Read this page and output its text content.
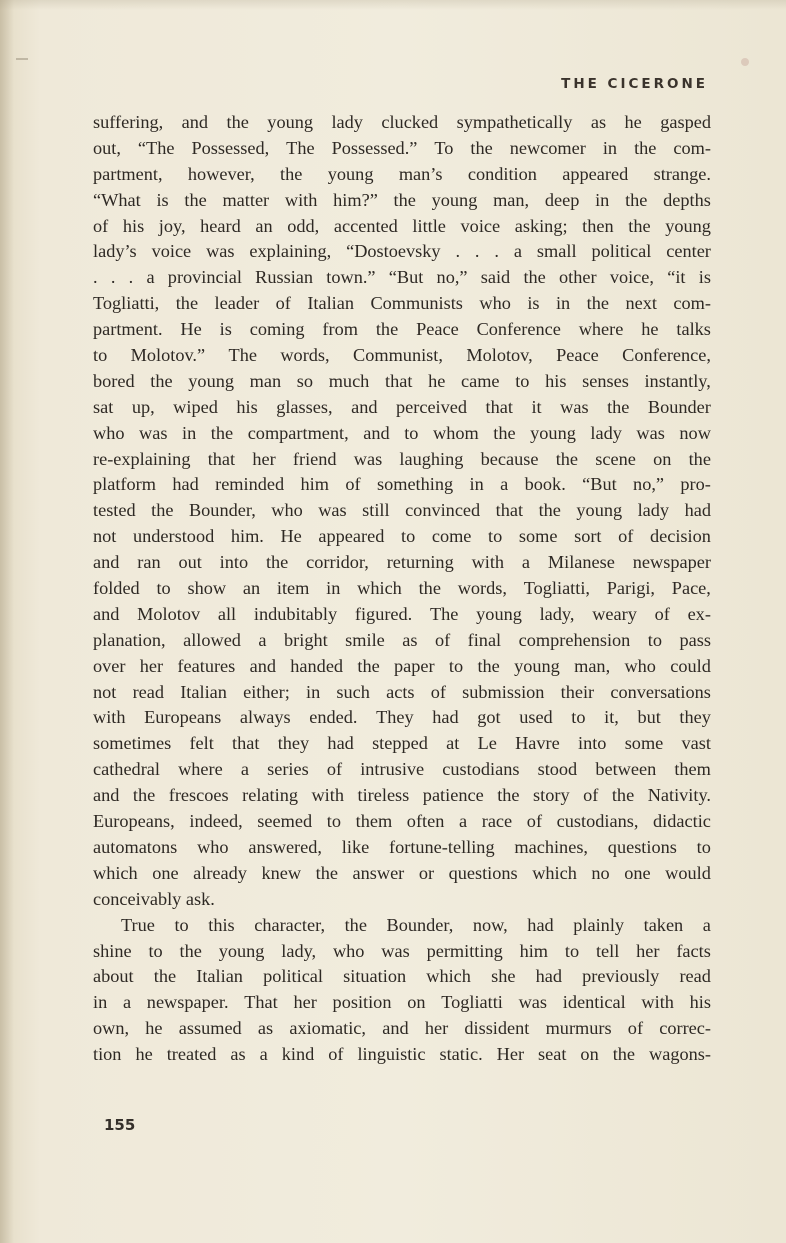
THE CICERONE
suffering, and the young lady clucked sympathetically as he gasped
out, “The Possessed, The Possessed.” To the newcomer in the com-
partment, however, the young man’s condition appeared strange.
“What is the matter with him?” the young man, deep in the depths
of his joy, heard an odd, accented little voice asking; then the young
lady’s voice was explaining, “Dostoevsky . . . a small political center
. . . a provincial Russian town.” “But no,” said the other voice, “it is
Togliatti, the leader of Italian Communists who is in the next com-
partment. He is coming from the Peace Conference where he talks
to Molotov.” The words, Communist, Molotov, Peace Conference,
bored the young man so much that he came to his senses instantly,
sat up, wiped his glasses, and perceived that it was the Bounder
who was in the compartment, and to whom the young lady was now
re-explaining that her friend was laughing because the scene on the
platform had reminded him of something in a book. “But no,” pro-
tested the Bounder, who was still convinced that the young lady had
not understood him. He appeared to come to some sort of decision
and ran out into the corridor, returning with a Milanese newspaper
folded to show an item in which the words, Togliatti, Parigi, Pace,
and Molotov all indubitably figured. The young lady, weary of ex-
planation, allowed a bright smile as of final comprehension to pass
over her features and handed the paper to the young man, who could
not read Italian either; in such acts of submission their conversations
with Europeans always ended. They had got used to it, but they
sometimes felt that they had stepped at Le Havre into some vast
cathedral where a series of intrusive custodians stood between them
and the frescoes relating with tireless patience the story of the Nativity.
Europeans, indeed, seemed to them often a race of custodians, didactic
automatons who answered, like fortune-telling machines, questions to
which one already knew the answer or questions which no one would
conceivably ask.
True to this character, the Bounder, now, had plainly taken a
shine to the young lady, who was permitting him to tell her facts
about the Italian political situation which she had previously read
in a newspaper. That her position on Togliatti was identical with his
own, he assumed as axiomatic, and her dissident murmurs of correc-
tion he treated as a kind of linguistic static. Her seat on the wagons-
155
